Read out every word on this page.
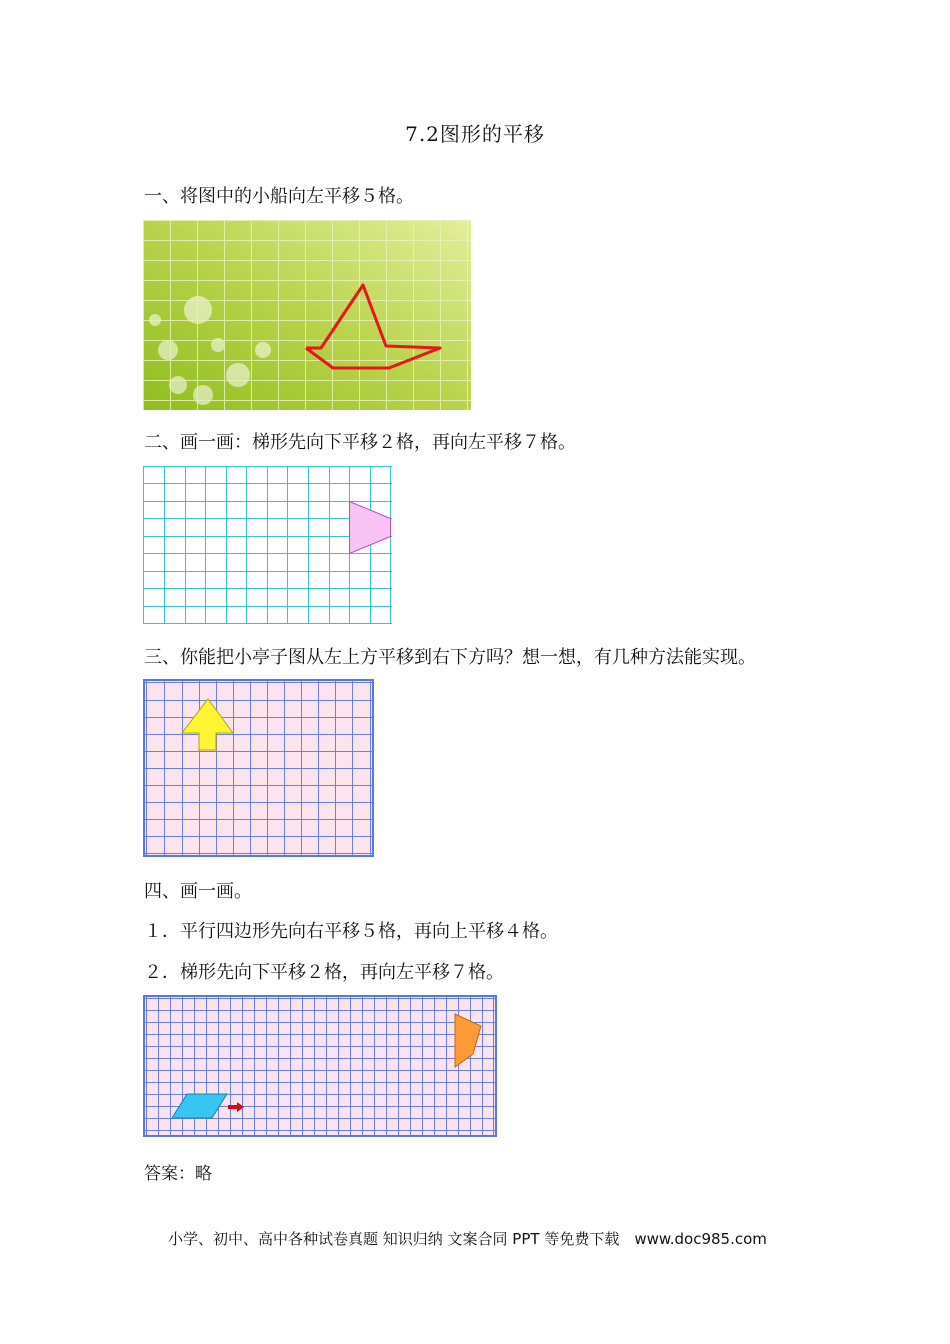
7.2图形的平移
一、将图中的小船向左平移５格。
二、画一画：梯形先向下平移２格，再向左平移７格。
三、你能把小亭子图从左上方平移到右下方吗？想一想，有几种方法能实现。
四、画一画。
１．平行四边形先向右平移５格，再向上平移４格。
２．梯形先向下平移２格，再向左平移７格。
答案：略
小学、初中、高中各种试卷真题 知识归纳 文案合同 PPT 等免费下载　www.doc985.com
